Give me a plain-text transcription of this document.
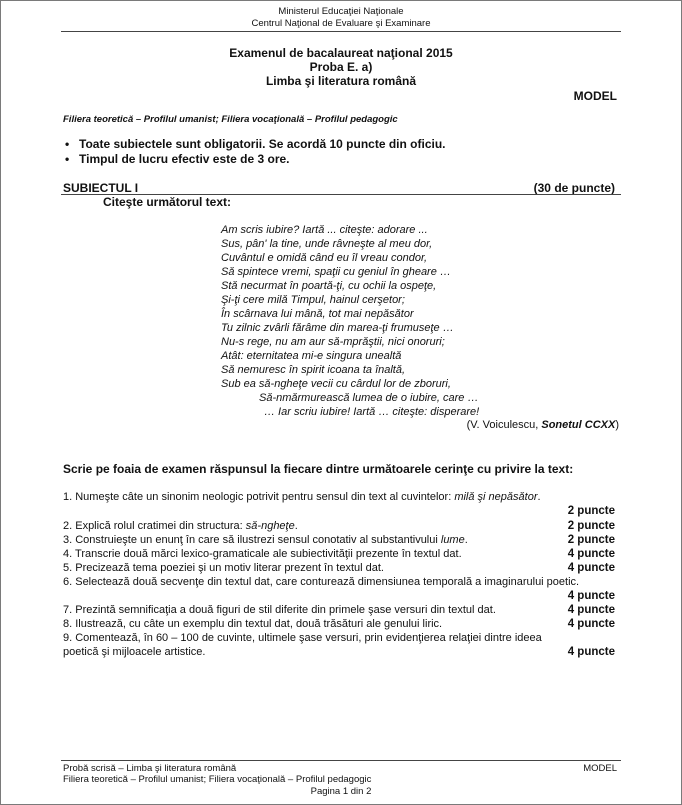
Ministerul Educaţiei Naţionale
Centrul Naţional de Evaluare şi Examinare
Examenul de bacalaureat naţional 2015
Proba E. a)
Limba şi literatura română
MODEL
Filiera teoretică – Profilul umanist; Filiera vocaţională – Profilul pedagogic
• Toate subiectele sunt obligatorii. Se acordă 10 puncte din oficiu.
• Timpul de lucru efectiv este de 3 ore.
SUBIECTUL I	(30 de puncte)
Citeşte următorul text:
Am scris iubire? Iartă ... citeşte: adorare ...
Sus, pân' la tine, unde râvneşte al meu dor,
Cuvântul e omidă când eu îl vreau condor,
Să spintece vremi, spaţii cu geniul în gheare …
Stă necurmat în poartă-ţi, cu ochii la ospeţe,
Şi-ţi cere milă Timpul, hainul cerşetor;
În scârnava lui mână, tot mai nepăsător
Tu zilnic zvârli fărâme din marea-ţi frumuseţe …
Nu-s rege, nu am aur să-mprăştii, nici onoruri;
Atât: eternitatea mi-e singura unealtă
Să nemuresc în spirit icoana ta înaltă,
Sub ea să-ngheţe vecii cu cârdul lor de zboruri,
Să-nmărmurească lumea de o iubire, care …
… Iar scriu iubire! Iartă … citeşte: disperare!
(V. Voiculescu, Sonetul CCXX)
Scrie pe foaia de examen răspunsul la fiecare dintre următoarele cerinţe cu privire la text:
1. Numeşte câte un sinonim neologic potrivit pentru sensul din text al cuvintelor: milă şi nepăsător.
2 puncte
2. Explică rolul cratimei din structura: să-ngheţe.	2 puncte
3. Construieşte un enunţ în care să ilustrezi sensul conotativ al substantivului lume.	2 puncte
4. Transcrie două mărci lexico-gramaticale ale subiectivităţii prezente în textul dat.	4 puncte
5. Precizează tema poeziei şi un motiv literar prezent în textul dat.	4 puncte
6. Selectează două secvenţe din textul dat, care conturează dimensiunea temporală a imaginarului poetic.
4 puncte
7. Prezintă semnificaţia a două figuri de stil diferite din primele şase versuri din textul dat.	4 puncte
8. Ilustrează, cu câte un exemplu din textul dat, două trăsături ale genului liric.	4 puncte
9. Comentează, în 60 – 100 de cuvinte, ultimele şase versuri, prin evidenţierea relaţiei dintre ideea
poetică şi mijloacele artistice.	4 puncte
Probă scrisă – Limba şi literatura română	MODEL
Filiera teoretică – Profilul umanist; Filiera vocaţională – Profilul pedagogic
Pagina 1 din 2
